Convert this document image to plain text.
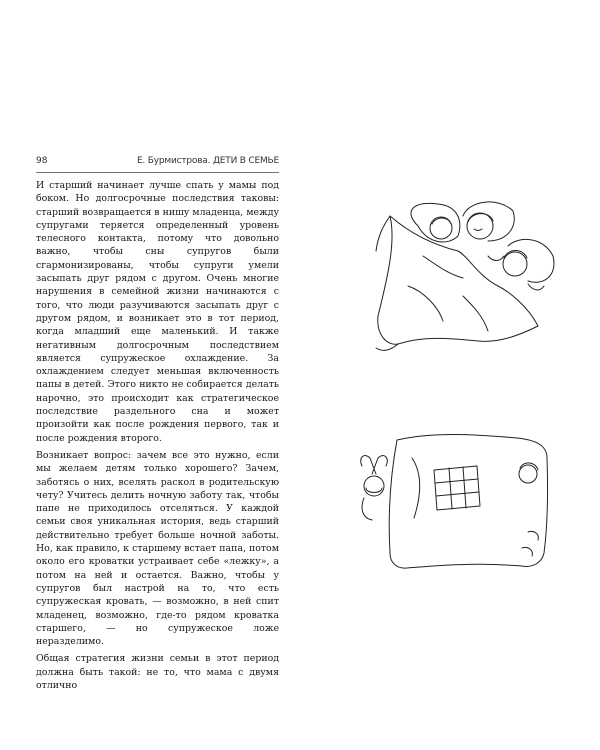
98	Е. Бурмистрова. ДЕТИ В СЕМЬЕ

И старший начинает лучше спать у мамы под боком. Но долгосрочные последствия таковы: старший возвращается в нишу младенца, между супругами теряется определенный уровень телесного контакта, потому что довольно важно, чтобы сны супругов были сгармонизированы, чтобы супруги умели засыпать друг рядом с другом. Очень многие нарушения в семейной жизни начинаются с того, что люди разучиваются засыпать друг с другом рядом, и возникает это в тот период, когда младший еще маленький. И также негативным долгосрочным последствием является супружеское охлаждение. За охлаждением следует меньшая включенность папы в детей. Этого никто не собирается делать нарочно, это происходит как стратегическое последствие раздельного сна и может произойти как после рождения первого, так и после рождения второго.

Возникает вопрос: зачем все это нужно, если мы желаем детям только хорошего? Зачем, заботясь о них, вселять раскол в родительскую чету? Учитесь делить ночную заботу так, чтобы папе не приходилось отселяться. У каждой семьи своя уникальная история, ведь старший действительно требует больше ночной заботы. Но, как правило, к старшему встает папа, потом около его кроватки устраивает себе «лежку», а потом на ней и остается. Важно, чтобы у супругов был настрой на то, что есть супружеская кровать, — возможно, в ней спит младенец, возможно, где-то рядом кроватка старшего, — но супружеское ложе неразделимо.

Общая стратегия жизни семьи в этот период должна быть такой: не то, что мама с двумя отлично
